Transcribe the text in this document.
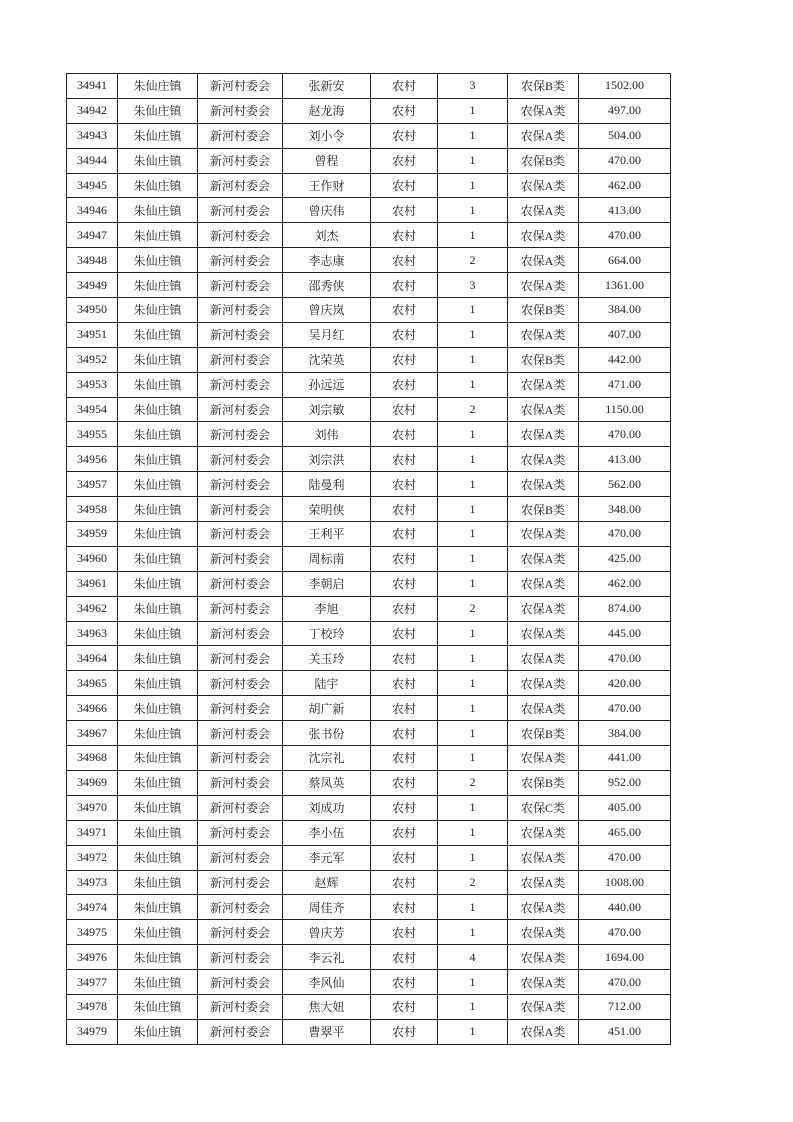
34941	朱仙庄镇	新河村委会	张新安	农村	3	农保B类	1502.00
34942	朱仙庄镇	新河村委会	赵龙海	农村	1	农保A类	497.00
34943	朱仙庄镇	新河村委会	刘小令	农村	1	农保A类	504.00
34944	朱仙庄镇	新河村委会	曾程	农村	1	农保B类	470.00
34945	朱仙庄镇	新河村委会	王作财	农村	1	农保A类	462.00
34946	朱仙庄镇	新河村委会	曾庆伟	农村	1	农保A类	413.00
34947	朱仙庄镇	新河村委会	刘杰	农村	1	农保A类	470.00
34948	朱仙庄镇	新河村委会	李志康	农村	2	农保A类	664.00
34949	朱仙庄镇	新河村委会	邵秀侠	农村	3	农保A类	1361.00
34950	朱仙庄镇	新河村委会	曾庆岚	农村	1	农保B类	384.00
34951	朱仙庄镇	新河村委会	吴月红	农村	1	农保A类	407.00
34952	朱仙庄镇	新河村委会	沈荣英	农村	1	农保B类	442.00
34953	朱仙庄镇	新河村委会	孙远远	农村	1	农保A类	471.00
34954	朱仙庄镇	新河村委会	刘宗敏	农村	2	农保A类	1150.00
34955	朱仙庄镇	新河村委会	刘伟	农村	1	农保A类	470.00
34956	朱仙庄镇	新河村委会	刘宗洪	农村	1	农保A类	413.00
34957	朱仙庄镇	新河村委会	陆曼利	农村	1	农保A类	562.00
34958	朱仙庄镇	新河村委会	荣明侠	农村	1	农保B类	348.00
34959	朱仙庄镇	新河村委会	王利平	农村	1	农保A类	470.00
34960	朱仙庄镇	新河村委会	周标南	农村	1	农保A类	425.00
34961	朱仙庄镇	新河村委会	李朝启	农村	1	农保A类	462.00
34962	朱仙庄镇	新河村委会	李旭	农村	2	农保A类	874.00
34963	朱仙庄镇	新河村委会	丁校玲	农村	1	农保A类	445.00
34964	朱仙庄镇	新河村委会	关玉玲	农村	1	农保A类	470.00
34965	朱仙庄镇	新河村委会	陆宇	农村	1	农保A类	420.00
34966	朱仙庄镇	新河村委会	胡广新	农村	1	农保A类	470.00
34967	朱仙庄镇	新河村委会	张书份	农村	1	农保B类	384.00
34968	朱仙庄镇	新河村委会	沈宗礼	农村	1	农保A类	441.00
34969	朱仙庄镇	新河村委会	蔡凤英	农村	2	农保B类	952.00
34970	朱仙庄镇	新河村委会	刘成功	农村	1	农保C类	405.00
34971	朱仙庄镇	新河村委会	李小伍	农村	1	农保A类	465.00
34972	朱仙庄镇	新河村委会	李元军	农村	1	农保A类	470.00
34973	朱仙庄镇	新河村委会	赵辉	农村	2	农保A类	1008.00
34974	朱仙庄镇	新河村委会	周佳齐	农村	1	农保A类	440.00
34975	朱仙庄镇	新河村委会	曾庆芳	农村	1	农保A类	470.00
34976	朱仙庄镇	新河村委会	李云礼	农村	4	农保A类	1694.00
34977	朱仙庄镇	新河村委会	李风仙	农村	1	农保A类	470.00
34978	朱仙庄镇	新河村委会	焦大妞	农村	1	农保A类	712.00
34979	朱仙庄镇	新河村委会	曹翠平	农村	1	农保A类	451.00
